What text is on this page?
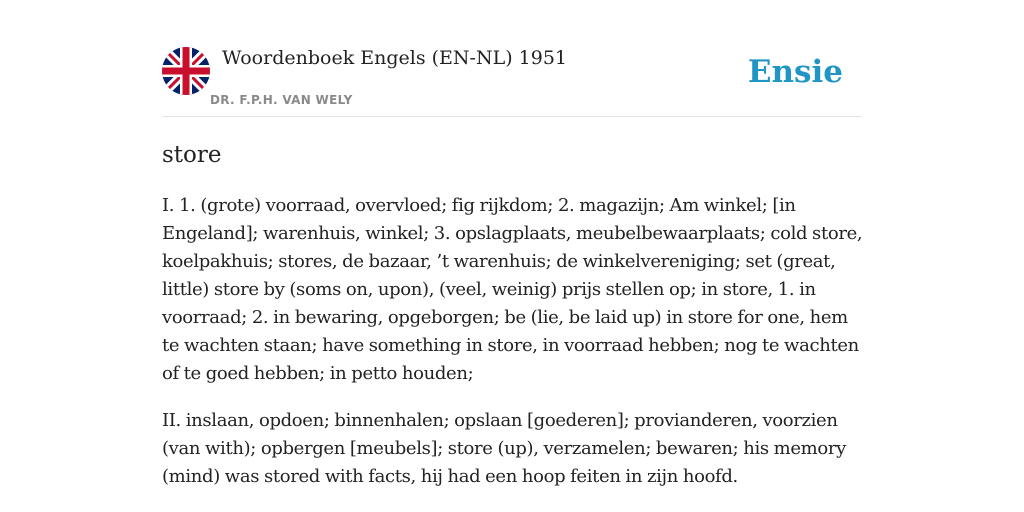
Woordenboek Engels (EN-NL) 1951
DR. F.P.H. VAN WELY
Ensie
store

I. 1. (grote) voorraad, overvloed; fig rijkdom; 2. magazijn; Am winkel; [in Engeland]; warenhuis, winkel; 3. opslagplaats, meubelbewaarplaats; cold store, koelpakhuis; stores, de bazaar, ’t warenhuis; de winkelvereniging; set (great, little) store by (soms on, upon), (veel, weinig) prijs stellen op; in store, 1. in voorraad; 2. in bewaring, opgeborgen; be (lie, be laid up) in store for one, hem te wachten staan; have something in store, in voorraad hebben; nog te wachten of te goed hebben; in petto houden;

II. inslaan, opdoen; binnenhalen; opslaan [goederen]; provianderen, voorzien (van with); opbergen [meubels]; store (up), verzamelen; bewaren; his memory (mind) was stored with facts, hij had een hoop feiten in zijn hoofd.
